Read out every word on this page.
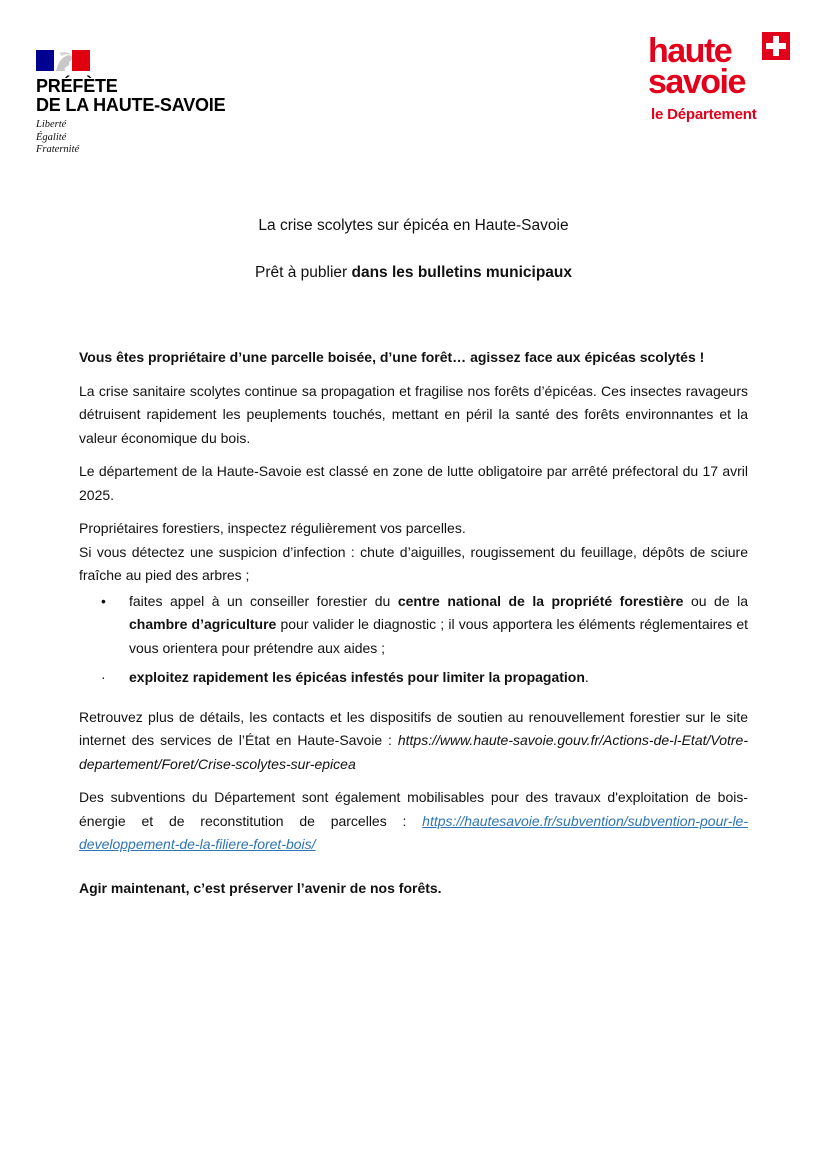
PRÉFÈTE
DE LA HAUTE-SAVOIE
Liberté
Égalité
Fraternité
haute
savoie
le Département
La crise scolytes sur épicéa en Haute-Savoie
Prêt à publier dans les bulletins municipaux

Vous êtes propriétaire d’une parcelle boisée, d’une forêt… agissez face aux épicéas scolytés !

La crise sanitaire scolytes continue sa propagation et fragilise nos forêts d’épicéas. Ces insectes ravageurs détruisent rapidement les peuplements touchés, mettant en péril la santé des forêts environnantes et la valeur économique du bois.

Le département de la Haute-Savoie est classé en zone de lutte obligatoire par arrêté préfectoral du 17 avril 2025.

Propriétaires forestiers, inspectez régulièrement vos parcelles.

Si vous détectez une suspicion d’infection : chute d’aiguilles, rougissement du feuillage, dépôts de sciure fraîche au pied des arbres ;

• faites appel à un conseiller forestier du centre national de la propriété forestière ou de la chambre d’agriculture pour valider le diagnostic ; il vous apportera les éléments réglementaires et vous orientera pour prétendre aux aides ;
· exploitez rapidement les épicéas infestés pour limiter la propagation.

Retrouvez plus de détails, les contacts et les dispositifs de soutien au renouvellement forestier sur le site internet des services de l’État en Haute-Savoie : https://www.haute-savoie.gouv.fr/Actions-de-l-Etat/Votre-departement/Foret/Crise-scolytes-sur-epicea

Des subventions du Département sont également mobilisables pour des travaux d'exploitation de bois-énergie et de reconstitution de parcelles : https://hautesavoie.fr/subvention/subvention-pour-le-developpement-de-la-filiere-foret-bois/

Agir maintenant, c’est préserver l’avenir de nos forêts.
